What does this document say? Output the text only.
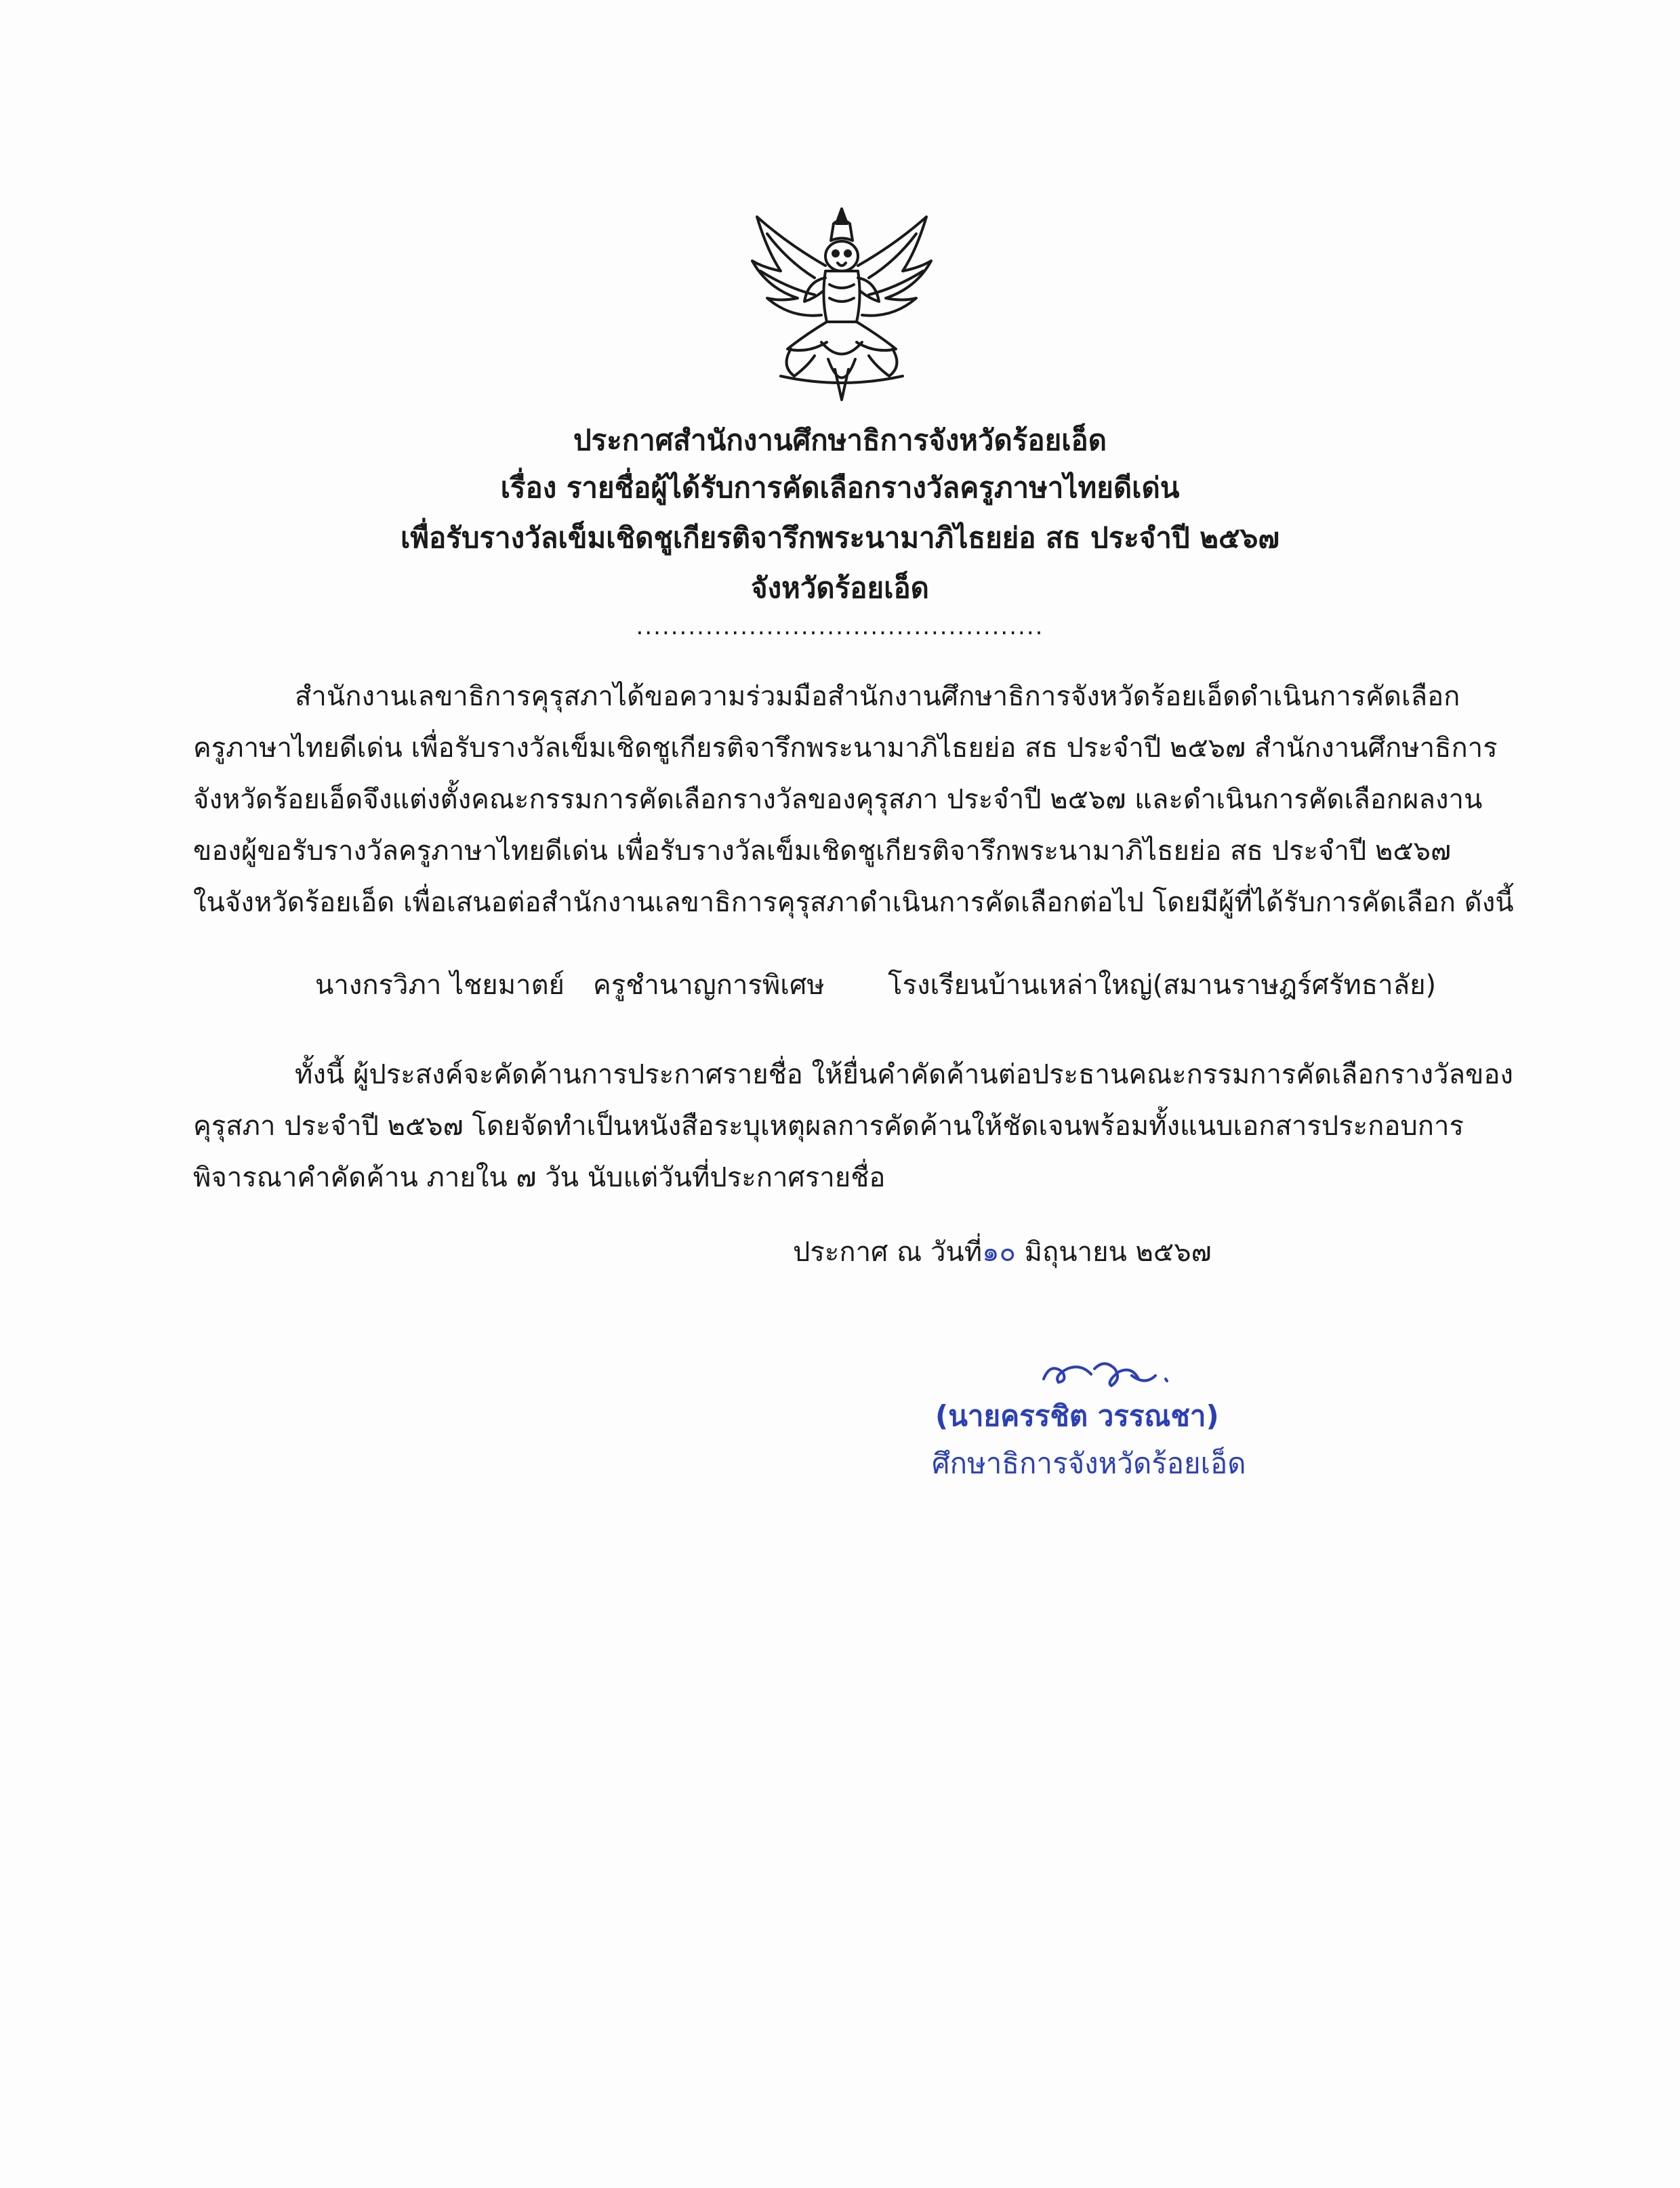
ประกาศสำนักงานศึกษาธิการจังหวัดร้อยเอ็ด
เรื่อง รายชื่อผู้ได้รับการคัดเลือกรางวัลครูภาษาไทยดีเด่น
เพื่อรับรางวัลเข็มเชิดชูเกียรติจารึกพระนามาภิไธยย่อ สธ ประจำปี ๒๕๖๗
จังหวัดร้อยเอ็ด
...............................................
สำนักงานเลขาธิการคุรุสภาได้ขอความร่วมมือสำนักงานศึกษาธิการจังหวัดร้อยเอ็ดดำเนินการคัดเลือก
ครูภาษาไทยดีเด่น เพื่อรับรางวัลเข็มเชิดชูเกียรติจารึกพระนามาภิไธยย่อ สธ ประจำปี ๒๕๖๗ สำนักงานศึกษาธิการ
จังหวัดร้อยเอ็ดจึงแต่งตั้งคณะกรรมการคัดเลือกรางวัลของคุรุสภา ประจำปี ๒๕๖๗ และดำเนินการคัดเลือกผลงาน
ของผู้ขอรับรางวัลครูภาษาไทยดีเด่น เพื่อรับรางวัลเข็มเชิดชูเกียรติจารึกพระนามาภิไธยย่อ สธ ประจำปี ๒๕๖๗
ในจังหวัดร้อยเอ็ด เพื่อเสนอต่อสำนักงานเลขาธิการคุรุสภาดำเนินการคัดเลือกต่อไป โดยมีผู้ที่ได้รับการคัดเลือก ดังนี้
นางกรวิภา ไชยมาตย์ ครูชำนาญการพิเศษ โรงเรียนบ้านเหล่าใหญ่(สมานราษฎร์ศรัทธาลัย)
ทั้งนี้ ผู้ประสงค์จะคัดค้านการประกาศรายชื่อ ให้ยื่นคำคัดค้านต่อประธานคณะกรรมการคัดเลือกรางวัลของ
คุรุสภา ประจำปี ๒๕๖๗ โดยจัดทำเป็นหนังสือระบุเหตุผลการคัดค้านให้ชัดเจนพร้อมทั้งแนบเอกสารประกอบการ
พิจารณาคำคัดค้าน ภายใน ๗ วัน นับแต่วันที่ประกาศรายชื่อ
ประกาศ ณ วันที่๑๐ มิถุนายน ๒๕๖๗
(นายครรชิต วรรณชา)
ศึกษาธิการจังหวัดร้อยเอ็ด
